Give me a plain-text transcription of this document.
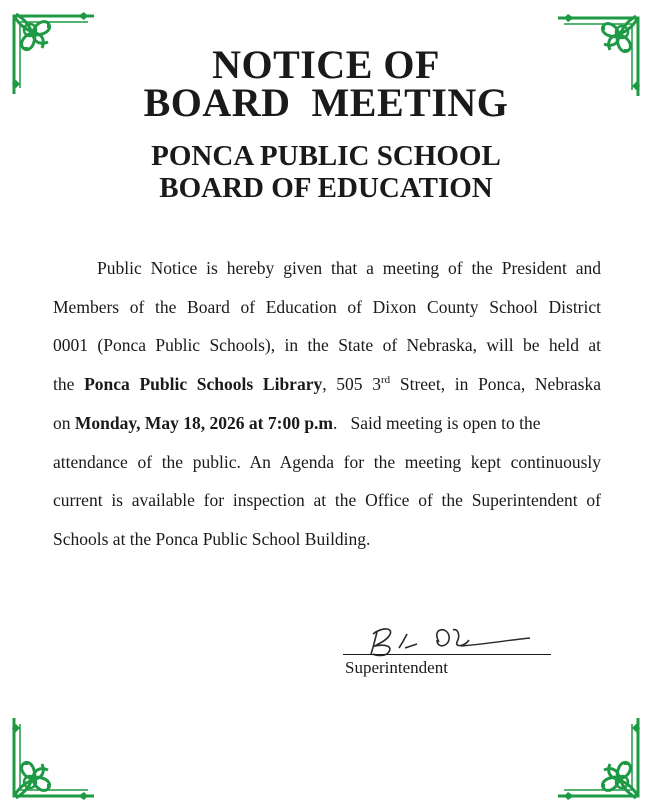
NOTICE OF
BOARD  MEETING
PONCA PUBLIC SCHOOL
BOARD OF EDUCATION
Public Notice is hereby given that a meeting of the President and
Members of the Board of Education of Dixon County School District
0001 (Ponca Public Schools), in the State of Nebraska, will be held at
the Ponca Public Schools Library, 505 3rd Street, in Ponca, Nebraska
on Monday, May 18, 2026 at 7:00 p.m.   Said meeting is open to the
attendance of the public. An Agenda for the meeting kept continuously
current is available for inspection at the Office of the Superintendent of
Schools at the Ponca Public School Building.
Superintendent
